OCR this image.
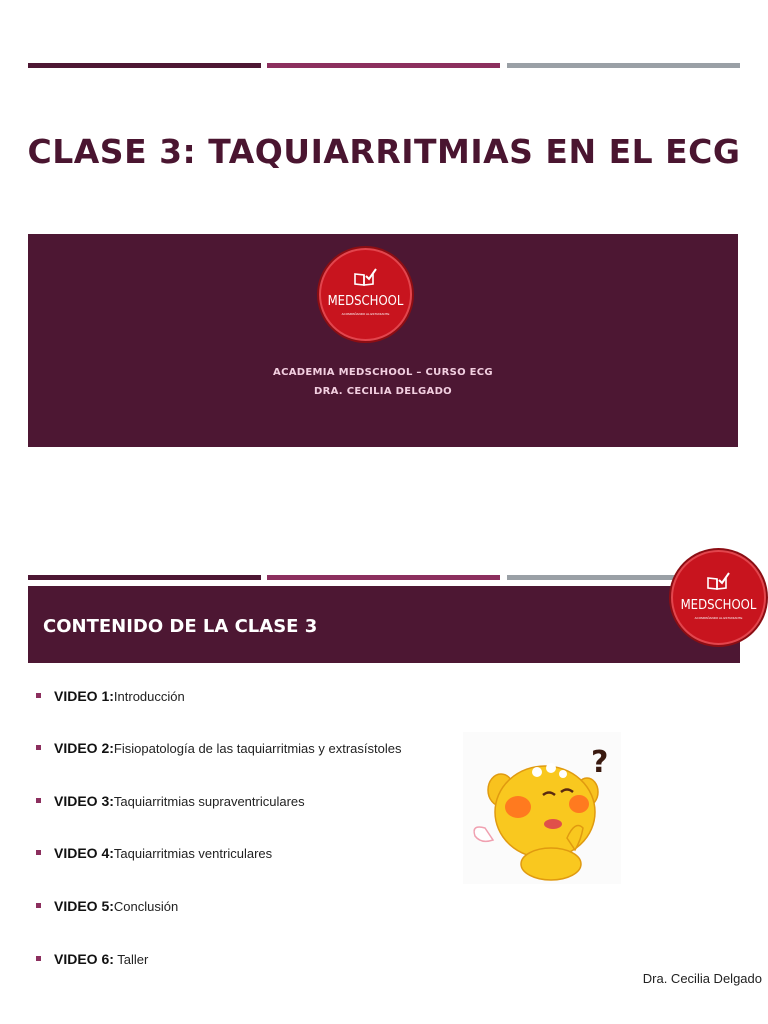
CLASE 3: TAQUIARRITMIAS EN EL ECG
MEDSCHOOL
ACOMPAÑANDO AL ESTUDIANTE
ACADEMIA MEDSCHOOL – CURSO ECG
DRA. CECILIA DELGADO
CONTENIDO DE LA CLASE 3
MEDSCHOOL
ACOMPAÑANDO AL ESTUDIANTE
VIDEO 1:Introducción
VIDEO 2:Fisiopatología de las taquiarritmias y extrasístoles
VIDEO 3:Taquiarritmias supraventriculares
VIDEO 4:Taquiarritmias ventriculares
VIDEO 5:Conclusión
VIDEO 6: Taller
?
Dra. Cecilia Delgado
